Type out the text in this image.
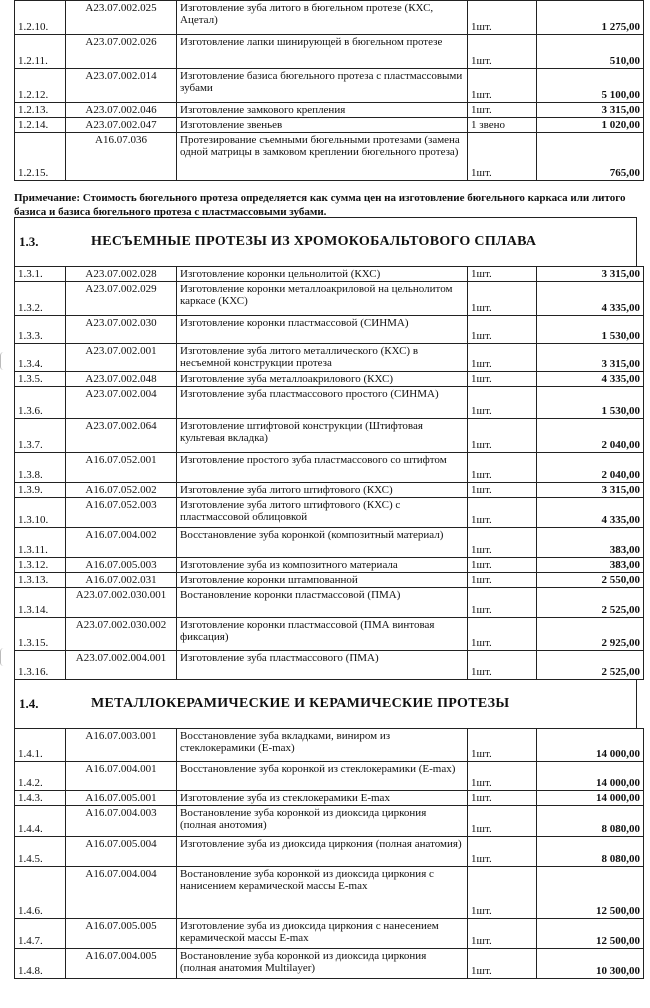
1.2.10.	А23.07.002.025	Изготовление зуба литого в бюгельном протезе (КХС, Ацетал)	1шт.	1 275,00
1.2.11.	А23.07.002.026	Изготовление лапки шинирующей в бюгельном протезе	1шт.	510,00
1.2.12.	А23.07.002.014	Изготовление базиса бюгельного протеза с пластмассовыми зубами	1шт.	5 100,00
1.2.13.	А23.07.002.046	Изготовление замкового крепления	1шт.	3 315,00
1.2.14.	А23.07.002.047	Изготовление звеньев	1 звено	1 020,00
1.2.15.	А16.07.036	Протезирование съемными бюгельными протезами (замена одной матрицы в замковом креплении бюгельного протеза)	1шт.	765,00
Примечание: Стоимость бюгельного протеза определяется как сумма цен на изготовление бюгельного каркаса или литого базиса и базиса бюгельного протеза с пластмассовыми зубами.
1.3.	НЕСЪЕМНЫЕ ПРОТЕЗЫ ИЗ ХРОМОКОБАЛЬТОВОГО СПЛАВА
1.3.1.	А23.07.002.028	Изготовление коронки цельнолитой (КХС)	1шт.	3 315,00
1.3.2.	А23.07.002.029	Изготовление коронки металлоакриловой на цельнолитом каркасе (КХС)	1шт.	4 335,00
1.3.3.	А23.07.002.030	Изготовление коронки пластмассовой (СИНМА)	1шт.	1 530,00
1.3.4.	А23.07.002.001	Изготовление зуба литого металлического (КХС) в несъемной конструкции протеза	1шт.	3 315,00
1.3.5.	А23.07.002.048	Изготовление зуба металлоакрилового (КХС)	1шт.	4 335,00
1.3.6.	А23.07.002.004	Изготовление зуба пластмассового простого (СИНМА)	1шт.	1 530,00
1.3.7.	А23.07.002.064	Изготовление штифтовой конструкции (Штифтовая культевая вкладка)	1шт.	2 040,00
1.3.8.	А16.07.052.001	Изготовление простого зуба пластмассового со штифтом	1шт.	2 040,00
1.3.9.	А16.07.052.002	Изготовление зуба литого штифтового (КХС)	1шт.	3 315,00
1.3.10.	А16.07.052.003	Изготовление зуба литого штифтового (КХС) с пластмассовой облицовкой	1шт.	4 335,00
1.3.11.	А16.07.004.002	Восстановление зуба коронкой (композитный материал)	1шт.	383,00
1.3.12.	А16.07.005.003	Изготовление зуба из композитного материала	1шт.	383,00
1.3.13.	А16.07.002.031	Изготовление коронки штампованной	1шт.	2 550,00
1.3.14.	А23.07.002.030.001	Востановление коронки пластмассовой (ПМА)	1шт.	2 525,00
1.3.15.	А23.07.002.030.002	Изготовление коронки пластмассовой (ПМА винтовая фиксация)	1шт.	2 925,00
1.3.16.	А23.07.002.004.001	Изготовление зуба пластмассового (ПМА)	1шт.	2 525,00
1.4.	МЕТАЛЛОКЕРАМИЧЕСКИЕ И КЕРАМИЧЕСКИЕ ПРОТЕЗЫ
1.4.1.	А16.07.003.001	Восстановление зуба вкладками, виниром из стеклокерамики (E-max)	1шт.	14 000,00
1.4.2.	А16.07.004.001	Восстановление зуба коронкой из стеклокерамики (E-max)	1шт.	14 000,00
1.4.3.	А16.07.005.001	Изготовление зуба из стеклокерамики E-max	1шт.	14 000,00
1.4.4.	А16.07.004.003	Востановление зуба коронкой из диоксида циркония (полная анотомия)	1шт.	8 080,00
1.4.5.	А16.07.005.004	Изготовление зуба из диоксида циркония (полная анатомия)	1шт.	8 080,00
1.4.6.	А16.07.004.004	Востановление зуба коронкой из диоксида циркония с нанисением керамической массы E-max	1шт.	12 500,00
1.4.7.	А16.07.005.005	Изготовление зуба из диоксида циркония с нанесением керамической массы E-max	1шт.	12 500,00
1.4.8.	А16.07.004.005	Востановление зуба коронкой из диоксида циркония (полная анатомия Multilayer)	1шт.	10 300,00
